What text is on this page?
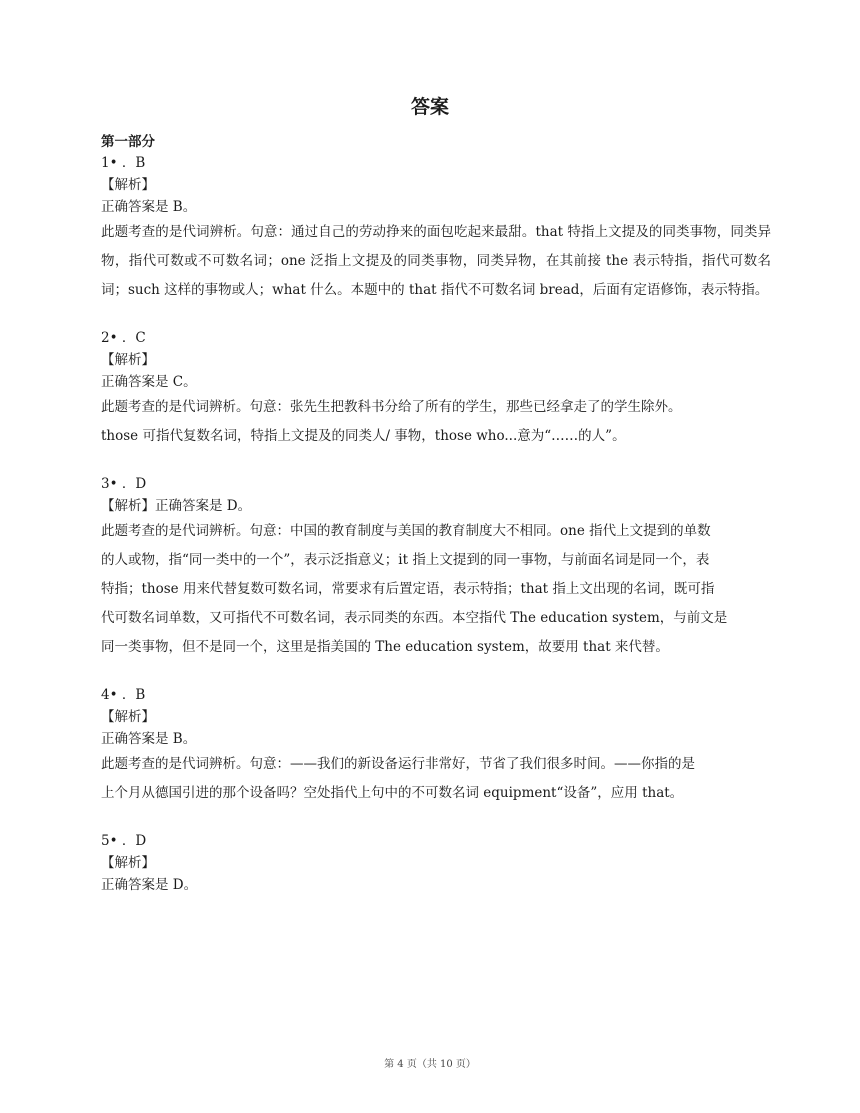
答案

第一部分

1• ．B

【解析】

正确答案是 B。

此题考查的是代词辨析。句意：通过自己的劳动挣来的面包吃起来最甜。that 特指上文提及的同类事物，同类异物，指代可数或不可数名词；one 泛指上文提及的同类事物，同类异物，在其前接 the 表示特指，指代可数名词；such 这样的事物或人；what 什么。本题中的 that 指代不可数名词 bread，后面有定语修饰，表示特指。

2• ．C

【解析】

正确答案是 C。

此题考查的是代词辨析。句意：张先生把教科书分给了所有的学生，那些已经拿走了的学生除外。

those 可指代复数名词，特指上文提及的同类人/ 事物，those who...意为“……的人”。

3• ．D

【解析】正确答案是 D。

此题考查的是代词辨析。句意：中国的教育制度与美国的教育制度大不相同。one 指代上文提到的单数

的人或物，指“同一类中的一个”，表示泛指意义；it 指上文提到的同一事物，与前面名词是同一个，表

特指；those 用来代替复数可数名词，常要求有后置定语，表示特指；that 指上文出现的名词，既可指

代可数名词单数，又可指代不可数名词，表示同类的东西。本空指代 The education system，与前文是

同一类事物，但不是同一个，这里是指美国的 The education system，故要用 that 来代替。

4• ．B

【解析】

正确答案是 B。

此题考查的是代词辨析。句意：——我们的新设备运行非常好，节省了我们很多时间。——你指的是

上个月从德国引进的那个设备吗？空处指代上句中的不可数名词 equipment“设备”，应用 that。

5• ．D

【解析】

正确答案是 D。

第 4 页（共 10 页）
